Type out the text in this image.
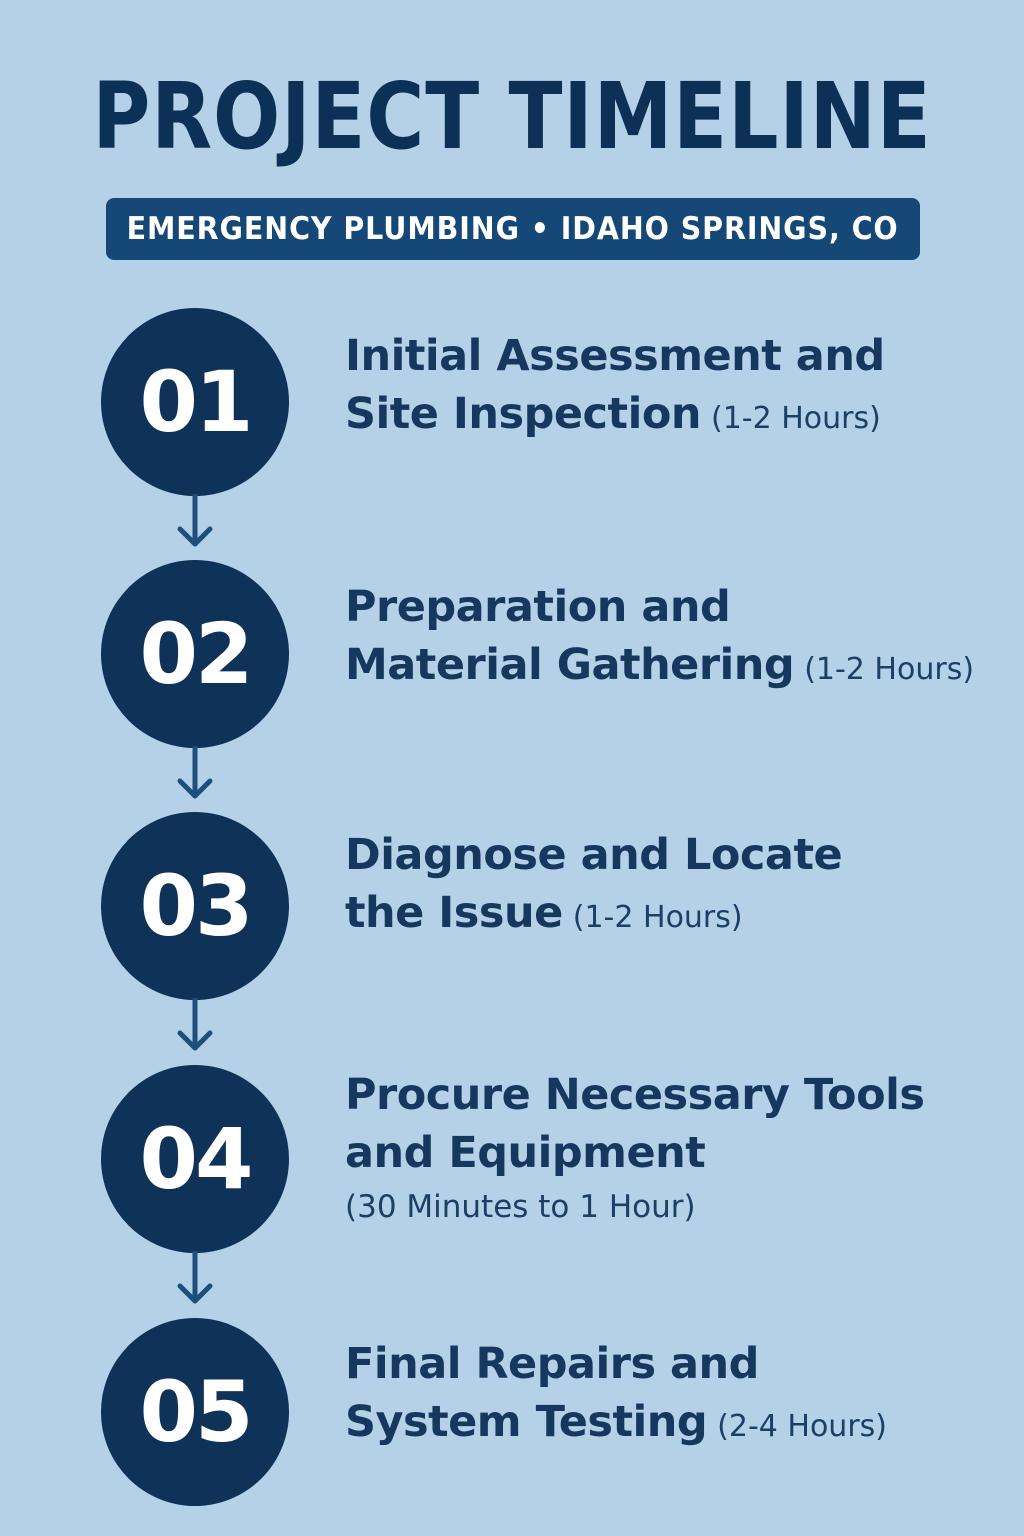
PROJECT TIMELINE
EMERGENCY PLUMBING • IDAHO SPRINGS, CO
01 Initial Assessment and
Site Inspection (1-2 Hours)
02 Preparation and
Material Gathering (1-2 Hours)
03
Diagnose and Locate
the Issue (1-2 Hours)
04
Procure Necessary Tools
and Equipment
(30 Minutes to 1 Hour)
05 Final Repairs and
System Testing (2-4 Hours)
